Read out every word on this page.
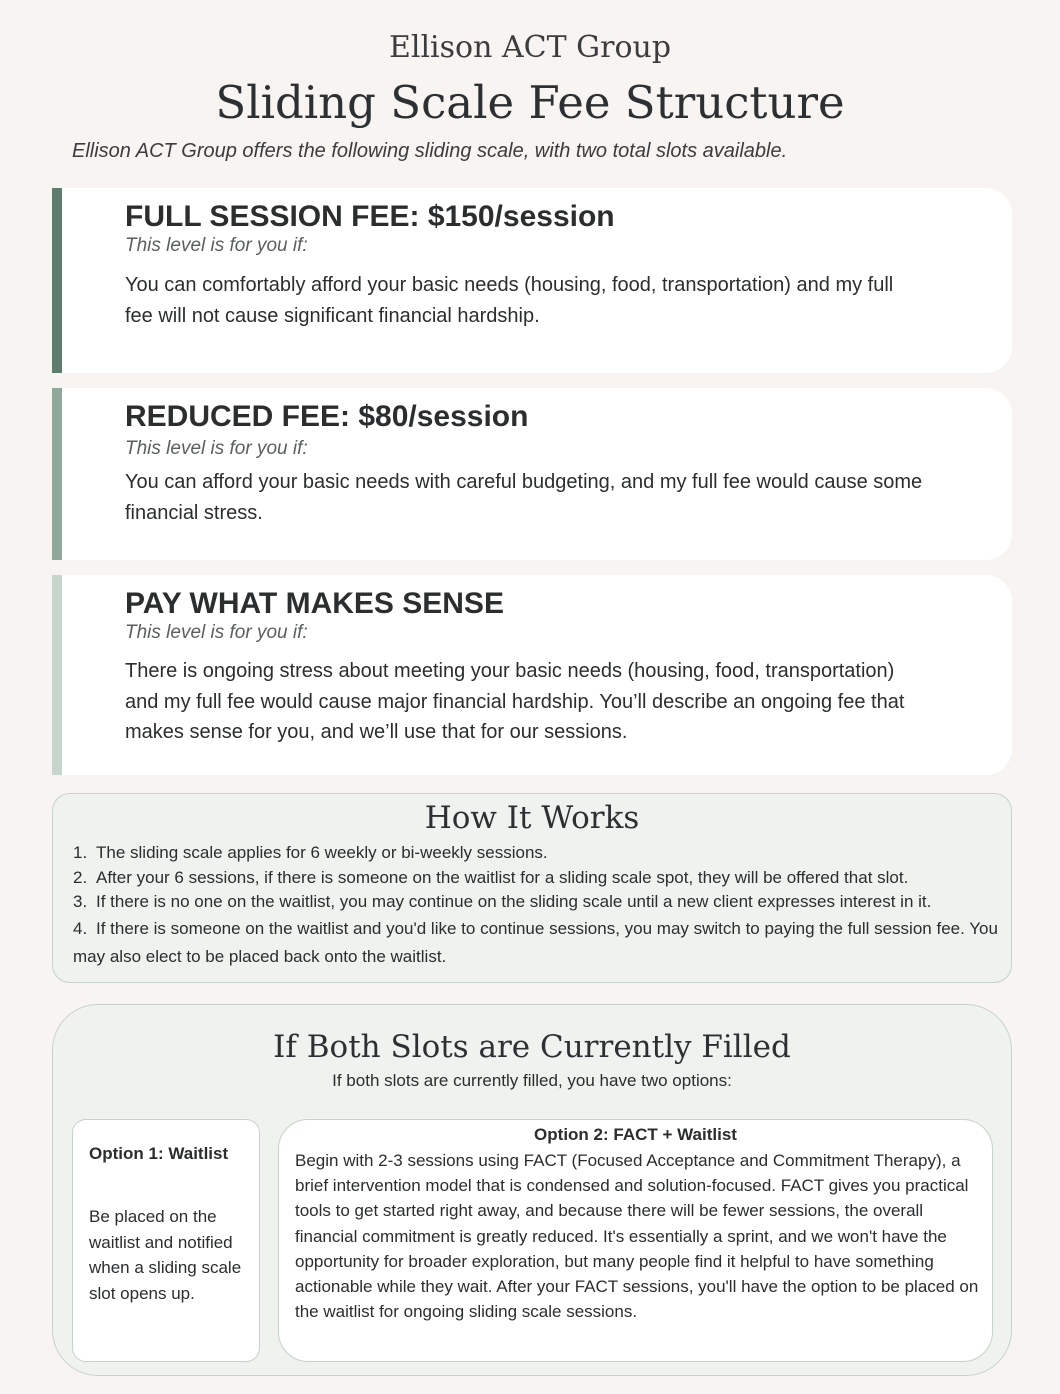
Ellison ACT Group
Sliding Scale Fee Structure
Ellison ACT Group offers the following sliding scale, with two total slots available.
FULL SESSION FEE: $150/session
This level is for you if:
You can comfortably afford your basic needs (housing, food, transportation) and my full fee will not cause significant financial hardship.
REDUCED FEE: $80/session
This level is for you if:
You can afford your basic needs with careful budgeting, and my full fee would cause some financial stress.
PAY WHAT MAKES SENSE
This level is for you if:
There is ongoing stress about meeting your basic needs (housing, food, transportation) and my full fee would cause major financial hardship. You’ll describe an ongoing fee that makes sense for you, and we’ll use that for our sessions.
How It Works
1. The sliding scale applies for 6 weekly or bi-weekly sessions.
2. After your 6 sessions, if there is someone on the waitlist for a sliding scale spot, they will be offered that slot.
3. If there is no one on the waitlist, you may continue on the sliding scale until a new client expresses interest in it.
4. If there is someone on the waitlist and you'd like to continue sessions, you may switch to paying the full session fee. You may also elect to be placed back onto the waitlist.
If Both Slots are Currently Filled
If both slots are currently filled, you have two options:
Option 1: Waitlist
Be placed on the waitlist and notified when a sliding scale slot opens up.
Option 2: FACT + Waitlist
Begin with 2-3 sessions using FACT (Focused Acceptance and Commitment Therapy), a brief intervention model that is condensed and solution-focused. FACT gives you practical tools to get started right away, and because there will be fewer sessions, the overall financial commitment is greatly reduced. It's essentially a sprint, and we won't have the opportunity for broader exploration, but many people find it helpful to have something actionable while they wait. After your FACT sessions, you'll have the option to be placed on the waitlist for ongoing sliding scale sessions.
